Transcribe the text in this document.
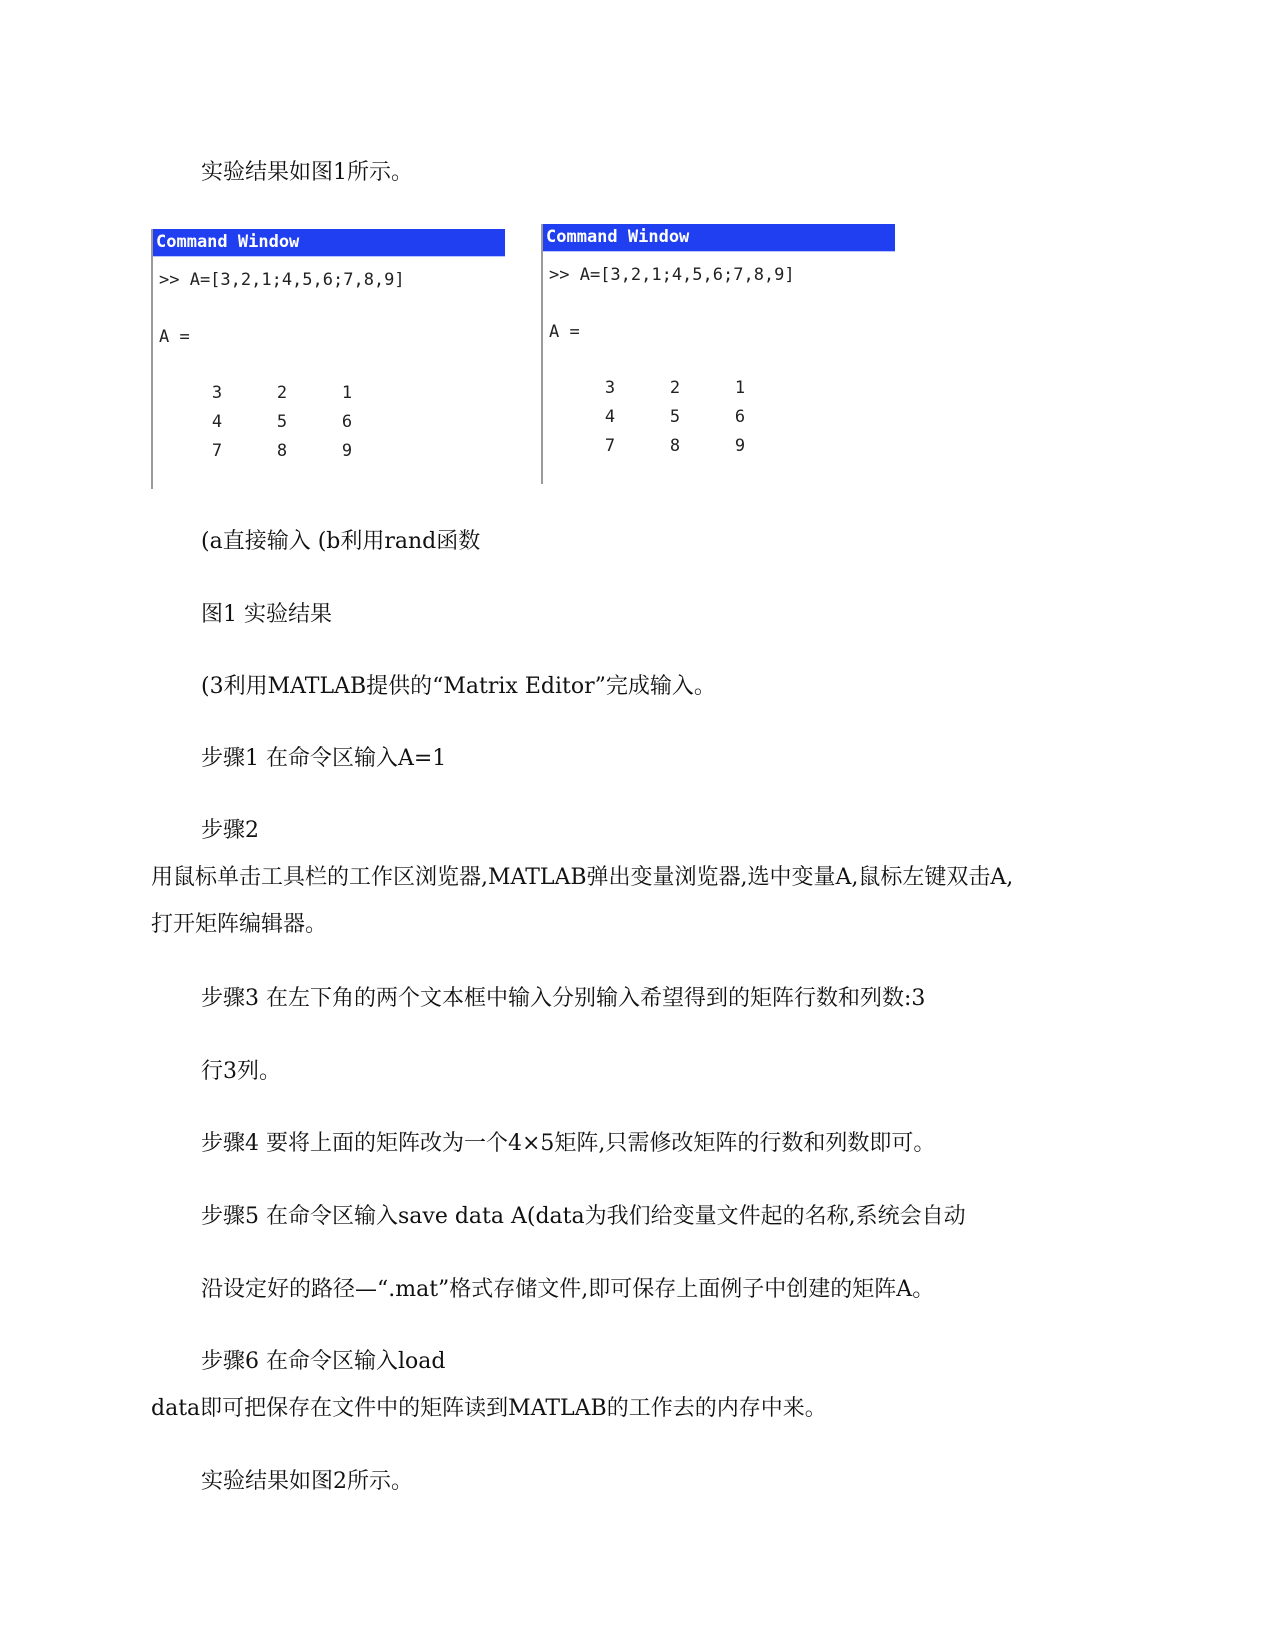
实验结果如图1所示。

Command Window
>> A=[3,2,1;4,5,6;7,8,9]
A =
3	2	1
4	5	6
7	8	9
Command Window
>> A=[3,2,1;4,5,6;7,8,9]
A =
3	2	1
4	5	6
7	8	9

(a直接输入 (b利用rand函数

图1 实验结果

(3利用MATLAB提供的“Matrix Editor”完成输入。

步骤1 在命令区输入A=1

步骤2

用鼠标单击工具栏的工作区浏览器,MATLAB弹出变量浏览器,选中变量A,鼠标左键双击A,

打开矩阵编辑器。

步骤3 在左下角的两个文本框中输入分别输入希望得到的矩阵行数和列数:3

行3列。

步骤4 要将上面的矩阵改为一个4×5矩阵,只需修改矩阵的行数和列数即可。

步骤5 在命令区输入save data A(data为我们给变量文件起的名称,系统会自动

沿设定好的路径—“.mat”格式存储文件,即可保存上面例子中创建的矩阵A。

步骤6 在命令区输入load

data即可把保存在文件中的矩阵读到MATLAB的工作去的内存中来。

实验结果如图2所示。
